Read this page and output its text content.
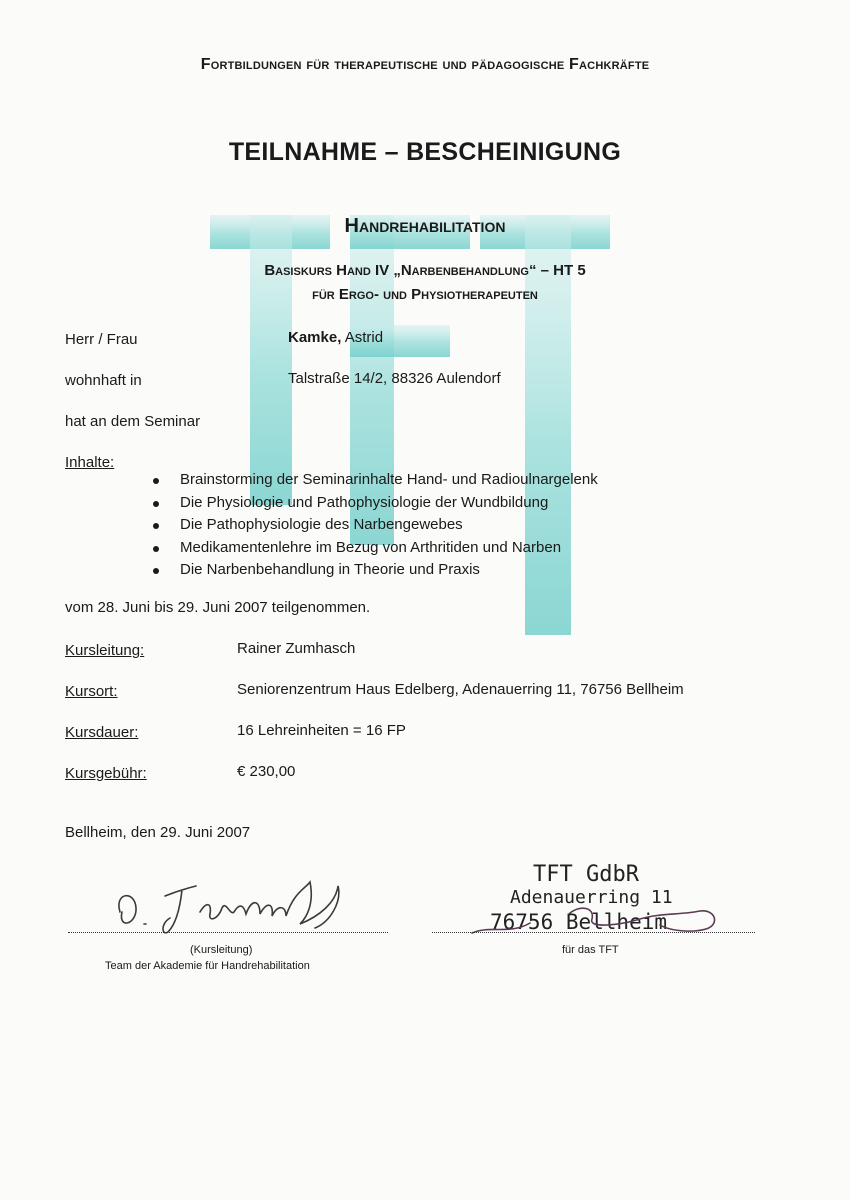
Fortbildungen für therapeutische und pädagogische Fachkräfte
TEILNAHME – BESCHEINIGUNG
Handrehabilitation
Basiskurs Hand IV „Narbenbehandlung“ – HT 5
für Ergo- und Physiotherapeuten
Herr / Frau	Kamke, Astrid
wohnhaft in	Talstraße 14/2, 88326 Aulendorf
hat an dem Seminar
Inhalte:
Brainstorming der Seminarinhalte Hand- und Radioulnargelenk
Die Physiologie und Pathophysiologie der Wundbildung
Die Pathophysiologie des Narbengewebes
Medikamentenlehre im Bezug von Arthritiden und Narben
Die Narbenbehandlung in Theorie und Praxis
vom 28. Juni bis 29. Juni 2007 teilgenommen.
Kursleitung:	Rainer Zumhasch
Kursort:	Seniorenzentrum Haus Edelberg, Adenauerring 11, 76756 Bellheim
Kursdauer:	16 Lehreinheiten = 16 FP
Kursgebühr:	€ 230,00
Bellheim, den 29. Juni 2007
(Kursleitung)
Team der Akademie für Handrehabilitation
TFT GdbR
Adenauerring 11
76756 Bellheim
für das TFT
